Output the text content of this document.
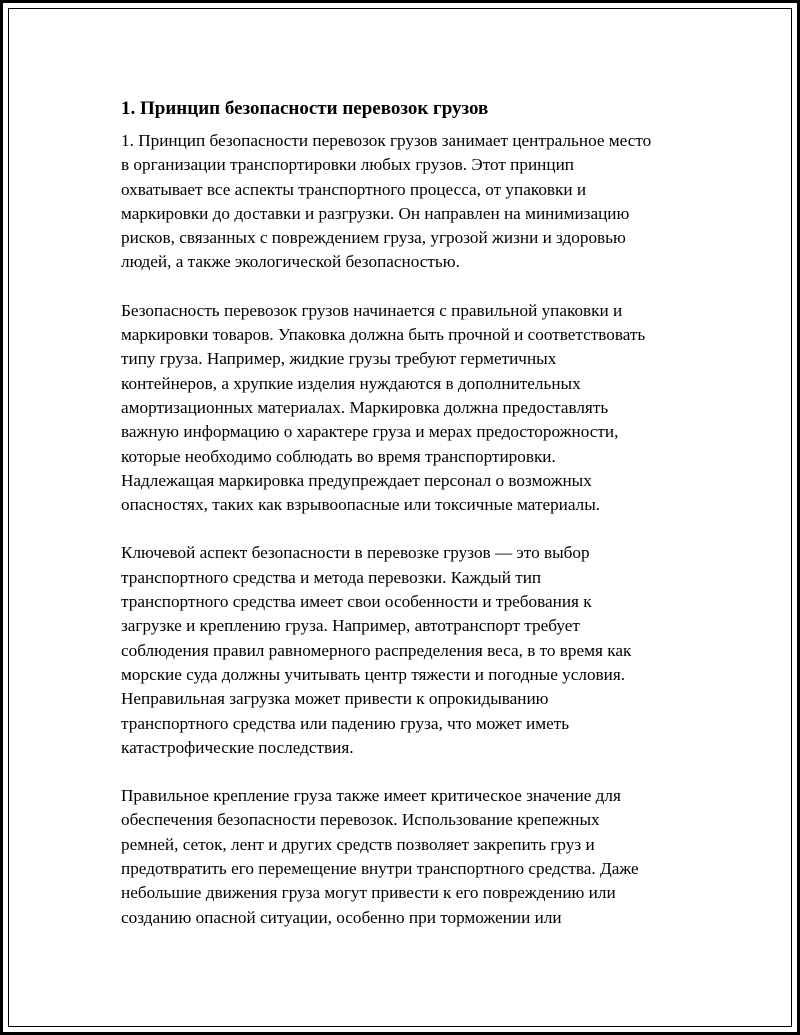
1. Принцип безопасности перевозок грузов
1. Принцип безопасности перевозок грузов занимает центральное место
в организации транспортировки любых грузов. Этот принцип
охватывает все аспекты транспортного процесса, от упаковки и
маркировки до доставки и разгрузки. Он направлен на минимизацию
рисков, связанных с повреждением груза, угрозой жизни и здоровью
людей, а также экологической безопасностью.
Безопасность перевозок грузов начинается с правильной упаковки и
маркировки товаров. Упаковка должна быть прочной и соответствовать
типу груза. Например, жидкие грузы требуют герметичных
контейнеров, а хрупкие изделия нуждаются в дополнительных
амортизационных материалах. Маркировка должна предоставлять
важную информацию о характере груза и мерах предосторожности,
которые необходимо соблюдать во время транспортировки.
Надлежащая маркировка предупреждает персонал о возможных
опасностях, таких как взрывоопасные или токсичные материалы.
Ключевой аспект безопасности в перевозке грузов — это выбор
транспортного средства и метода перевозки. Каждый тип
транспортного средства имеет свои особенности и требования к
загрузке и креплению груза. Например, автотранспорт требует
соблюдения правил равномерного распределения веса, в то время как
морские суда должны учитывать центр тяжести и погодные условия.
Неправильная загрузка может привести к опрокидыванию
транспортного средства или падению груза, что может иметь
катастрофические последствия.
Правильное крепление груза также имеет критическое значение для
обеспечения безопасности перевозок. Использование крепежных
ремней, сеток, лент и других средств позволяет закрепить груз и
предотвратить его перемещение внутри транспортного средства. Даже
небольшие движения груза могут привести к его повреждению или
созданию опасной ситуации, особенно при торможении или
